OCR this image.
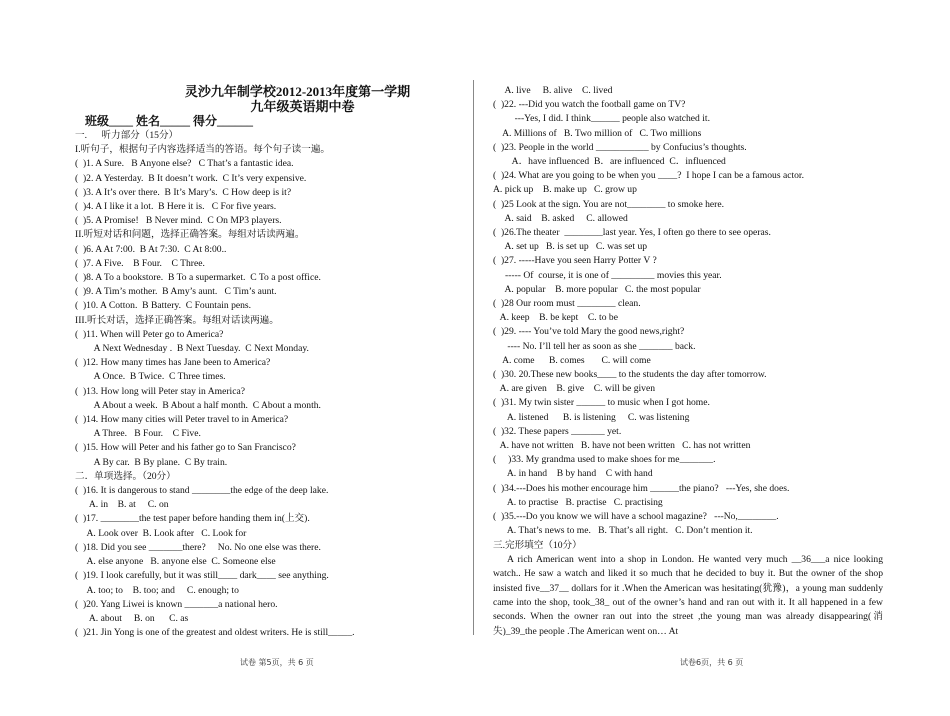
灵沙九年制学校2012-2013年度第一学期
九年级英语期中卷
班级____ 姓名_____ 得分______
一.      听力部分（15分）
I.听句子，根据句子内容选择适当的答语。每个句子读一遍。
(  )1. A Sure.   B Anyone else?   C That’s a fantastic idea.
(  )2. A Yesterday.  B It doesn’t work.  C It’s very expensive.
(  )3. A It’s over there.  B It’s Mary’s.  C How deep is it?
(  )4. A I like it a lot.  B Here it is.   C For five years.
(  )5. A Promise!   B Never mind.  C On MP3 players.
II.听短对话和问题，选择正确答案。每组对话读两遍。
(  )6. A At 7:00.  B At 7:30.  C At 8:00..
(  )7. A Five.    B Four.    C Three.
(  )8. A To a bookstore.  B To a supermarket.  C To a post office.
(  )9. A Tim’s mother.  B Amy’s aunt.   C Tim’s aunt.
(  )10. A Cotton.  B Battery.  C Fountain pens.
III.听长对话，选择正确答案。每组对话读两遍。
(  )11. When will Peter go to America?
A Next Wednesday .  B Next Tuesday.  C Next Monday.
(  )12. How many times has Jane been to America?
A Once.  B Twice.  C Three times.
(  )13. How long will Peter stay in America?
A About a week.  B About a half month.  C About a month.
(  )14. How many cities will Peter travel to in America?
A Three.   B Four.    C Five.
(  )15. How will Peter and his father go to San Francisco?
A By car.  B By plane.  C By train.
二．单项选择。（20分）
(  )16. It is dangerous to stand ________the edge of the deep lake.
A. in    B. at     C. on
(  )17. ________the test paper before handing them in(上交).
A. Look over  B. Look after   C. Look for
(  )18. Did you see _______there?     No. No one else was there.
A. else anyone   B. anyone else  C. Someone else
(  )19. I look carefully, but it was still____ dark____ see anything.
A. too; to    B. too; and     C. enough; to
(  )20. Yang Liwei is known _______a national hero.
A. about     B. on      C. as
(  )21. Jin Yong is one of the greatest and oldest writers. He is still_____.
A. live     B. alive    C. lived
(  )22. ---Did you watch the football game on TV?
---Yes, I did. I think______ people also watched it.
A. Millions of   B. Two million of   C. Two millions
(  )23. People in the world ___________ by Confucius’s thoughts.
A．have influenced  B．are influenced  C．influenced
(  )24. What are you going to be when you ____?  I hope I can be a famous actor.
A. pick up    B. make up   C. grow up
(  )25 Look at the sign. You are not________ to smoke here.
A. said    B. asked     C. allowed
(  )26.The theater  ________last year. Yes, I often go there to see operas.
A. set up   B. is set up   C. was set up
(  )27. -----Have you seen Harry Potter V ?
----- Of  course, it is one of _________ movies this year.
A. popular    B. more popular   C. the most popular
(  )28 Our room must ________ clean.
A. keep    B. be kept    C. to be
(  )29. ---- You’ve told Mary the good news,right?
---- No. I’ll tell her as soon as she _______ back.
A. come      B. comes       C. will come
(  )30. 20.These new books____ to the students the day after tomorrow.
A. are given    B. give    C. will be given
(  )31. My twin sister ______ to music when I got home.
A. listened      B. is listening     C. was listening
(  )32. These papers _______ yet.
A. have not written   B. have not been written   C. has not written
(     )33. My grandma used to make shoes for me_______.
A. in hand    B by hand    C with hand
(  )34.---Does his mother encourage him ______the piano?   ---Yes, she does.
A. to practise   B. practise   C. practising
(  )35.---Do you know we will have a school magazine?   ---No,________.
A. That’s news to me.   B. That’s all right.   C. Don’t mention it.
三.完形填空（10分）
A rich American went into a shop in London. He wanted very much __36___a nice looking watch.. He saw a watch and liked it so much that he decided to buy it. But the owner of the shop insisted five__37__ dollars for it .When the American was hesitating(犹豫)，a young man suddenly came into the shop, took_38_ out of the owner’s hand and ran out with it. It all happened in a few seconds. When the owner ran out into the street ,the young man was already disappearing(消失)_39_the people .The American went on… At
试卷 第5页，共 6 页	试卷6页，共 6 页
